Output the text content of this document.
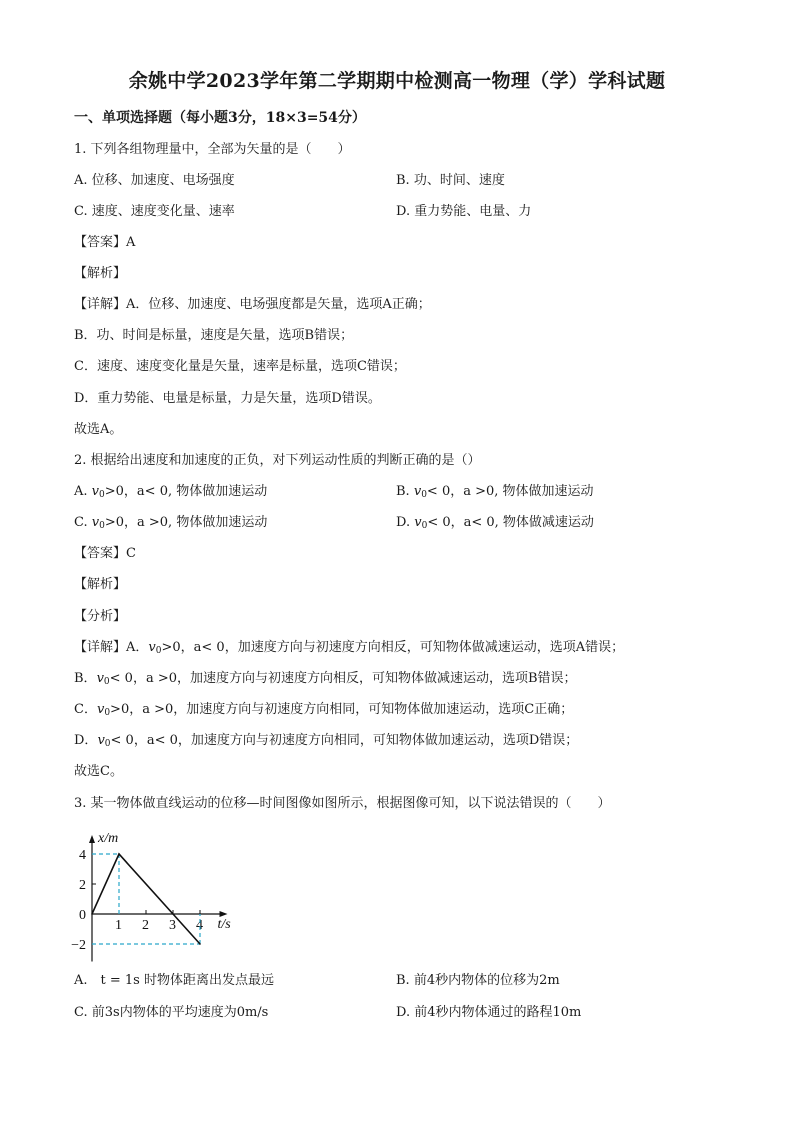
余姚中学2023学年第二学期期中检测高一物理（学）学科试题
一、单项选择题（每小题3分，18×3=54分）
1. 下列各组物理量中，全部为矢量的是（　　）
A. 位移、加速度、电场强度	B. 功、时间、速度
C. 速度、速度变化量、速率	D. 重力势能、电量、力
【答案】A
【解析】
【详解】A．位移、加速度、电场强度都是矢量，选项A正确；
B．功、时间是标量，速度是矢量，选项B错误；
C．速度、速度变化量是矢量，速率是标量，选项C错误；
D．重力势能、电量是标量，力是矢量，选项D错误。
故选A。
2. 根据给出速度和加速度的正负，对下列运动性质的判断正确的是（）
A. $v_0>0$，a< 0, 物体做加速运动	B. $v_0< 0$，a >0, 物体做加速运动
C. $v_0>0$，a >0, 物体做加速运动	D. $v_0< 0$，a< 0, 物体做减速运动
【答案】C
【解析】
【分析】
【详解】A．$v_0>0$，a< 0，加速度方向与初速度方向相反，可知物体做减速运动，选项A错误；
B．$v_0< 0$，a >0，加速度方向与初速度方向相反，可知物体做减速运动，选项B错误；
C．$v_0>0$，a >0，加速度方向与初速度方向相同，可知物体做加速运动，选项C正确；
D．$v_0< 0$，a< 0，加速度方向与初速度方向相同，可知物体做加速运动，选项D错误；
故选C。
3. 某一物体做直线运动的位移—时间图像如图所示，根据图像可知，以下说法错误的（　　）
x/m
t/s
1 2 3 4
4
2
0
−2
A.　t = 1s 时物体距离出发点最远	B. 前4秒内物体的位移为2m
C. 前3s内物体的平均速度为0m/s	D. 前4秒内物体通过的路程10m
